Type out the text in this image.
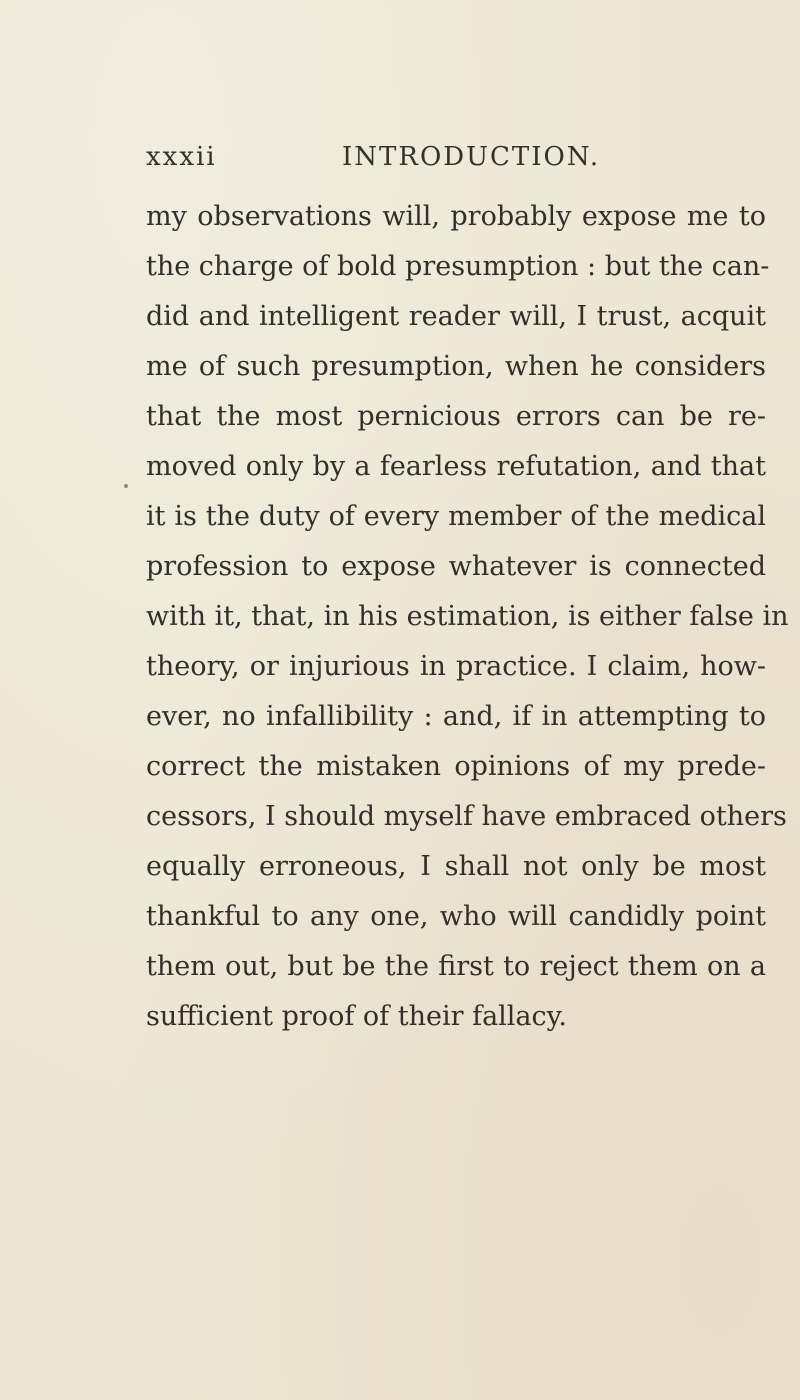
xxxii	INTRODUCTION.
my observations will, probably expose me to
the charge of bold presumption : but the can-
did and intelligent reader will, I trust, acquit
me of such presumption, when he considers
that the most pernicious errors can be re-
moved only by a fearless refutation, and that
it is the duty of every member of the medical
profession to expose whatever is connected
with it, that, in his estimation, is either false in
theory, or injurious in practice. I claim, how-
ever, no infallibility : and, if in attempting to
correct the mistaken opinions of my prede-
cessors, I should myself have embraced others
equally erroneous, I shall not only be most
thankful to any one, who will candidly point
them out, but be the first to reject them on a
sufficient proof of their fallacy.
